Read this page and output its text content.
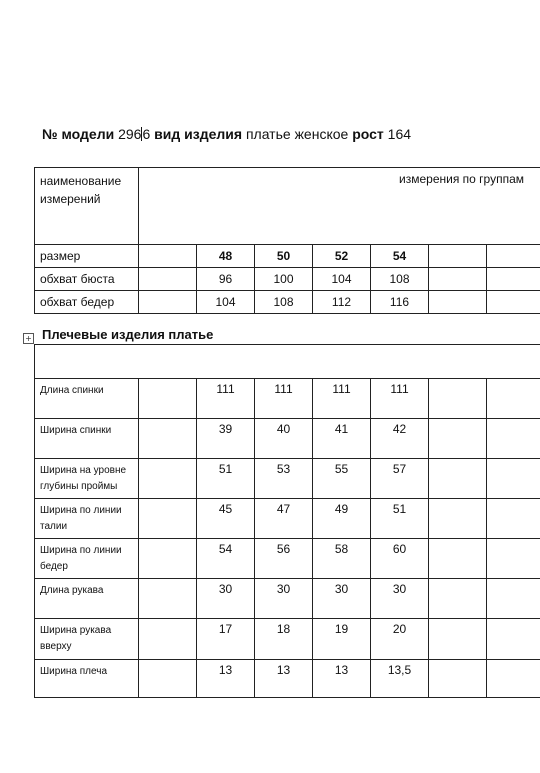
№ модели 2966 вид изделия платье женское рост 164
наименование
измерений	измерения по группам						
размер		48	50	52	54		
обхват бюста		96	100	104	108		
обхват бедер		104	108	112	116		
+ Плечевые изделия платье

Длина спинки		111	111	111	111		

Ширина спинки		39	40	41	42		

Ширина на уровне
глубины проймы		51	53	55	57		

Ширина по линии
талии		45	47	49	51		

Ширина по линии
бедер		54	56	58	60		

Длина рукава		30	30	30	30		

Ширина рукава
вверху		17	18	19	20		

Ширина плеча		13	13	13	13,5		
